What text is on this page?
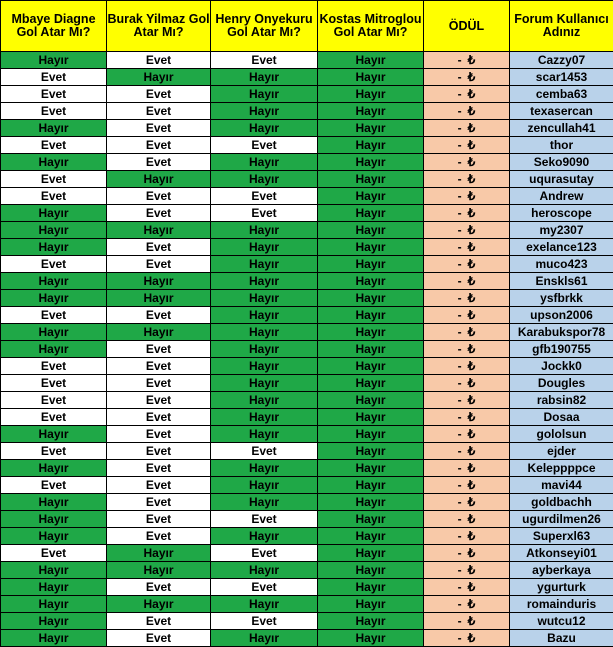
Mbaye Diagne Gol Atar Mı?	Burak Yilmaz Gol Atar Mı?	Henry Onyekuru Gol Atar Mı?	Kostas Mitroglou Gol Atar Mı?	ÖDÜL	Forum Kullanıcı Adınız
Hayır	Evet	Evet	Hayır	- ₺	Cazzy07
Evet	Hayır	Hayır	Hayır	- ₺	scar1453
Evet	Evet	Hayır	Hayır	- ₺	cemba63
Evet	Evet	Hayır	Hayır	- ₺	texasercan
Hayır	Evet	Hayır	Hayır	- ₺	zencullah41
Evet	Evet	Evet	Hayır	- ₺	thor
Hayır	Evet	Hayır	Hayır	- ₺	Seko9090
Evet	Hayır	Hayır	Hayır	- ₺	uqurasutay
Evet	Evet	Evet	Hayır	- ₺	Andrew
Hayır	Evet	Evet	Hayır	- ₺	heroscope
Hayır	Hayır	Hayır	Hayır	- ₺	my2307
Hayır	Evet	Hayır	Hayır	- ₺	exelance123
Evet	Evet	Hayır	Hayır	- ₺	muco423
Hayır	Hayır	Hayır	Hayır	- ₺	Enskls61
Hayır	Hayır	Hayır	Hayır	- ₺	ysfbrkk
Evet	Evet	Hayır	Hayır	- ₺	upson2006
Hayır	Hayır	Hayır	Hayır	- ₺	Karabukspor78
Hayır	Evet	Hayır	Hayır	- ₺	gfb190755
Evet	Evet	Hayır	Hayır	- ₺	Jockk0
Evet	Evet	Hayır	Hayır	- ₺	Dougles
Evet	Evet	Hayır	Hayır	- ₺	rabsin82
Evet	Evet	Hayır	Hayır	- ₺	Dosaa
Hayır	Evet	Hayır	Hayır	- ₺	gololsun
Evet	Evet	Evet	Hayır	- ₺	ejder
Hayır	Evet	Hayır	Hayır	- ₺	Keleppppce
Evet	Evet	Hayır	Hayır	- ₺	mavi44
Hayır	Evet	Hayır	Hayır	- ₺	goldbachh
Hayır	Evet	Evet	Hayır	- ₺	ugurdilmen26
Hayır	Evet	Hayır	Hayır	- ₺	Superxl63
Evet	Hayır	Evet	Hayır	- ₺	Atkonseyi01
Hayır	Hayır	Hayır	Hayır	- ₺	ayberkaya
Hayır	Evet	Evet	Hayır	- ₺	ygurturk
Hayır	Hayır	Hayır	Hayır	- ₺	romainduris
Hayır	Evet	Evet	Hayır	- ₺	wutcu12
Hayır	Evet	Hayır	Hayır	- ₺	Bazu
